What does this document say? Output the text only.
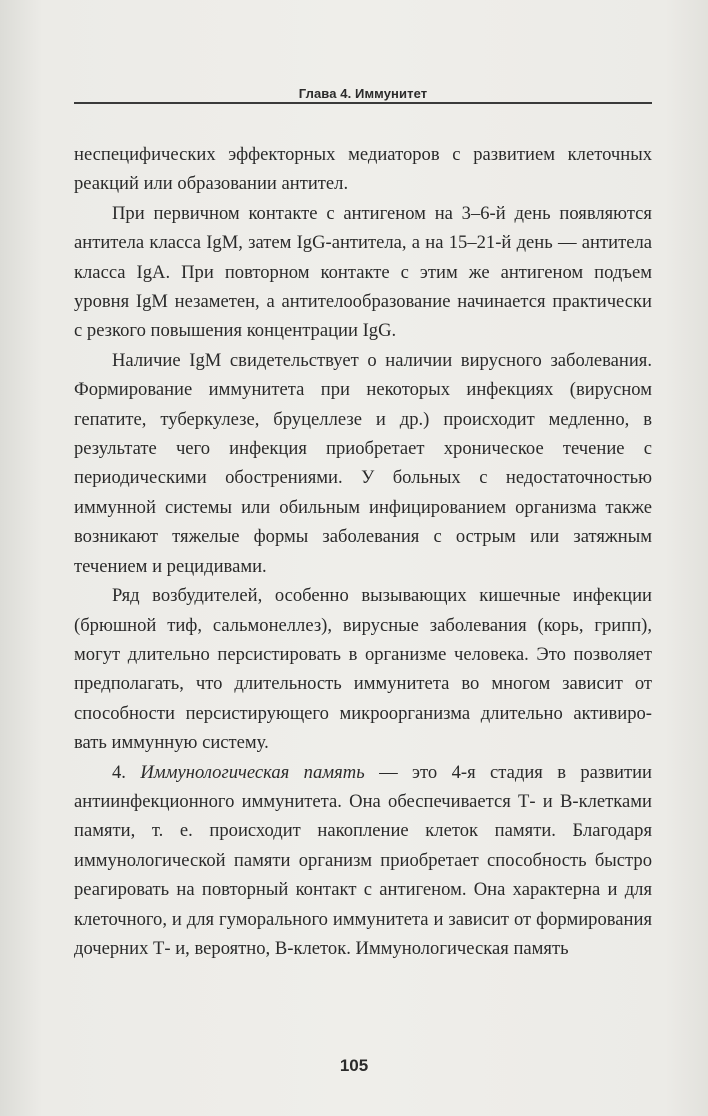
Глава 4. Иммунитет

неспецифических эффекторных медиаторов с развитием клеточных реакций или образовании антител.

При первичном контакте с антигеном на 3–6-й день появляются антитела класса IgM, затем IgG-антитела, а на 15–21-й день — антитела класса IgA. При повторном контакте с этим же антигеном подъем уровня IgM незаметен, а антителообразование начинается практически с резкого повышения концентрации IgG.

Наличие IgM свидетельствует о наличии вирусного заболевания. Формирование иммунитета при некоторых инфекциях (вирусном гепатите, туберкулезе, бруцеллезе и др.) происходит медленно, в результате чего инфекция приобретает хроническое течение с периодическими обострениями. У больных с недостаточностью иммунной системы или обильным инфицированием организма также возникают тяжелые формы заболевания с острым или затяжным течением и рецидивами.

Ряд возбудителей, особенно вызывающих кишечные инфекции (брюшной тиф, сальмонеллез), вирусные заболевания (корь, грипп), могут длительно персистировать в организме человека. Это позволяет предполагать, что длительность иммунитета во многом зависит от способности персистирующего микроорганизма длительно активировать иммунную систему.

4. Иммунологическая память — это 4-я стадия в развитии антиинфекционного иммунитета. Она обеспечивается Т- и В-клетками памяти, т. е. происходит накопление клеток памяти. Благодаря иммунологической памяти организм приобретает способность быстро реагировать на повторный контакт с антигеном. Она характерна и для клеточного, и для гуморального иммунитета и зависит от формирования дочерних Т- и, вероятно, В-клеток. Иммунологическая память

105
